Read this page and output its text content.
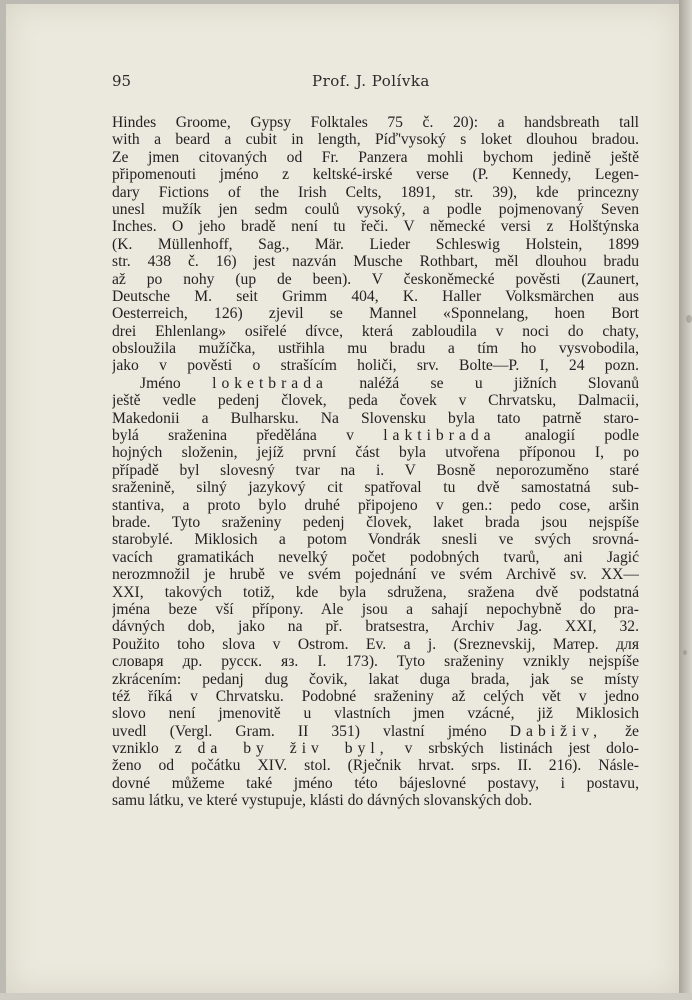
95	Prof. J. Polívka
Hindes Groome, Gypsy Folktales 75 č. 20): a handsbreath tall
with a beard a cubit in length, Píď'vysoký s loket dlouhou bradou.
Ze jmen citovaných od Fr. Panzera mohli bychom jedině ještě
připomenouti jméno z keltské-irské verse (P. Kennedy, Legen-
dary Fictions of the Irish Celts, 1891, str. 39), kde princezny
unesl mužík jen sedm coulů vysoký, a podle pojmenovaný Seven
Inches. O jeho bradě není tu řeči. V německé versi z Holštýnska
(K. Müllenhoff, Sag., Mär. Lieder Schleswig Holstein, 1899
str. 438 č. 16) jest nazván Musche Rothbart, měl dlouhou bradu
až po nohy (up de been). V českoněmecké pověsti (Zaunert,
Deutsche M. seit Grimm 404, K. Haller Volksmärchen aus
Oesterreich, 126) zjevil se Mannel «Sponnelang, hoen Bort
drei Ehlenlang» osiřelé dívce, která zabloudila v noci do chaty,
obsloužila mužíčka, ustřihla mu bradu a tím ho vysvobodila,
jako v pověsti o strašícím holiči, srv. Bolte—P. I, 24 pozn.
Jméno loketbrada naléžá se u jižních Slovanů
ještě vedle pedenj človek, peda čovek v Chrvatsku, Dalmacii,
Makedonii a Bulharsku. Na Slovensku byla tato patrně staro-
bylá sraženina předělána v laktibrada analogií podle
hojných složenin, jejíž první část byla utvořena příponou I, po
případě byl slovesný tvar na i. V Bosně neporozuměno staré
sraženině, silný jazykový cit spatřoval tu dvě samostatná sub-
stantiva, a proto bylo druhé připojeno v gen.: pedo cose, aršin
brade. Tyto sraženiny pedenj človek, laket brada jsou nejspíše
starobylé. Miklosich a potom Vondrák snesli ve svých srovná-
vacích gramatikách nevelký počet podobných tvarů, ani Jagić
nerozmnožil je hrubě ve svém pojednání ve svém Archivě sv. XX—
XXI, takových totiž, kde byla sdružena, sražena dvě podstatná
jména beze vší přípony. Ale jsou a sahají nepochybně do pra-
dávných dob, jako na př. bratsestra, Archiv Jag. XXI, 32.
Použito toho slova v Ostrom. Ev. a j. (Sreznevskij, Матер. для
словаря др. русск. яз. I. 173). Tyto sraženiny vznikly nejspíše
zkrácením: pedanj dug čovik, lakat duga brada, jak se místy
též říká v Chrvatsku. Podobné sraženiny až celých vět v jedno
slovo není jmenovitě u vlastních jmen vzácné, již Miklosich
uvedl (Vergl. Gram. II 351) vlastní jméno Dabiživ, že
vzniklo z da by živ byl, v srbských listinách jest dolo-
ženo od počátku XIV. stol. (Rječnik hrvat. srps. II. 216). Násle-
dovné můžeme také jméno této bájeslovné postavy, i postavu,
samu látku, ve které vystupuje, klásti do dávných slovanských dob.
